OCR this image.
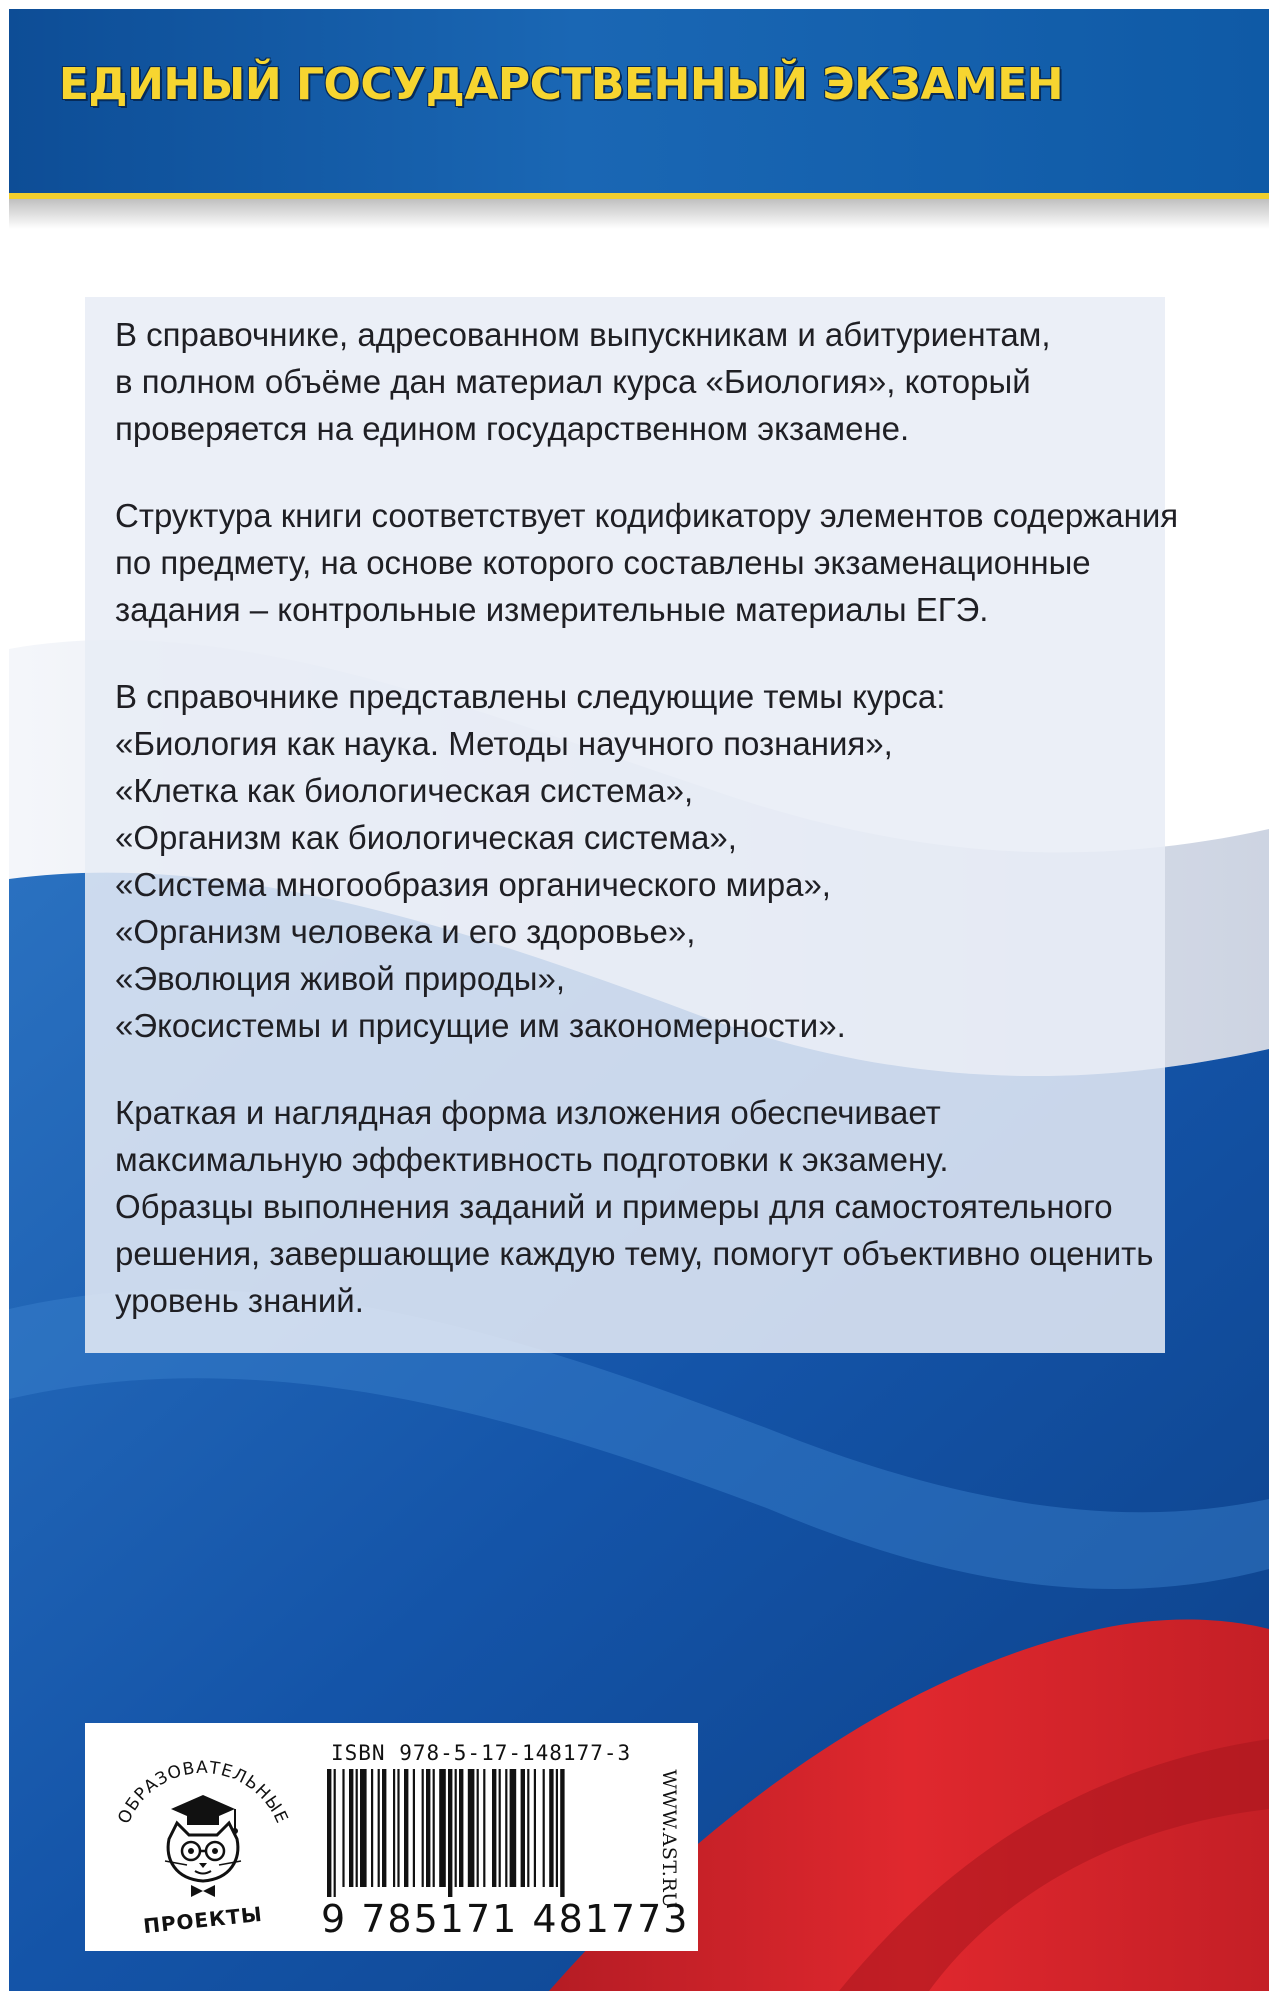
ЕДИНЫЙ ГОСУДАРСТВЕННЫЙ ЭКЗАМЕН

В справочнике, адресованном выпускникам и абитуриентам,
в полном объёме дан материал курса «Биология», который
проверяется на едином государственном экзамене.

Структура книги соответствует кодификатору элементов содержания
по предмету, на основе которого составлены экзаменационные
задания – контрольные измерительные материалы ЕГЭ.

В справочнике представлены следующие темы курса:
«Биология как наука. Методы научного познания»,
«Клетка как биологическая система»,
«Организм как биологическая система»,
«Система многообразия органического мира»,
«Организм человека и его здоровье»,
«Эволюция живой природы»,
«Экосистемы и присущие им закономерности».

Краткая и наглядная форма изложения обеспечивает
максимальную эффективность подготовки к экзамену.
Образцы выполнения заданий и примеры для самостоятельного
решения, завершающие каждую тему, помогут объективно оценить
уровень знаний.

ОБРАЗОВАТЕЛЬНЫЕ
ПРОЕКТЫ
ISBN 978-5-17-148177-3
9 785171 481773
WWW.AST.RU
